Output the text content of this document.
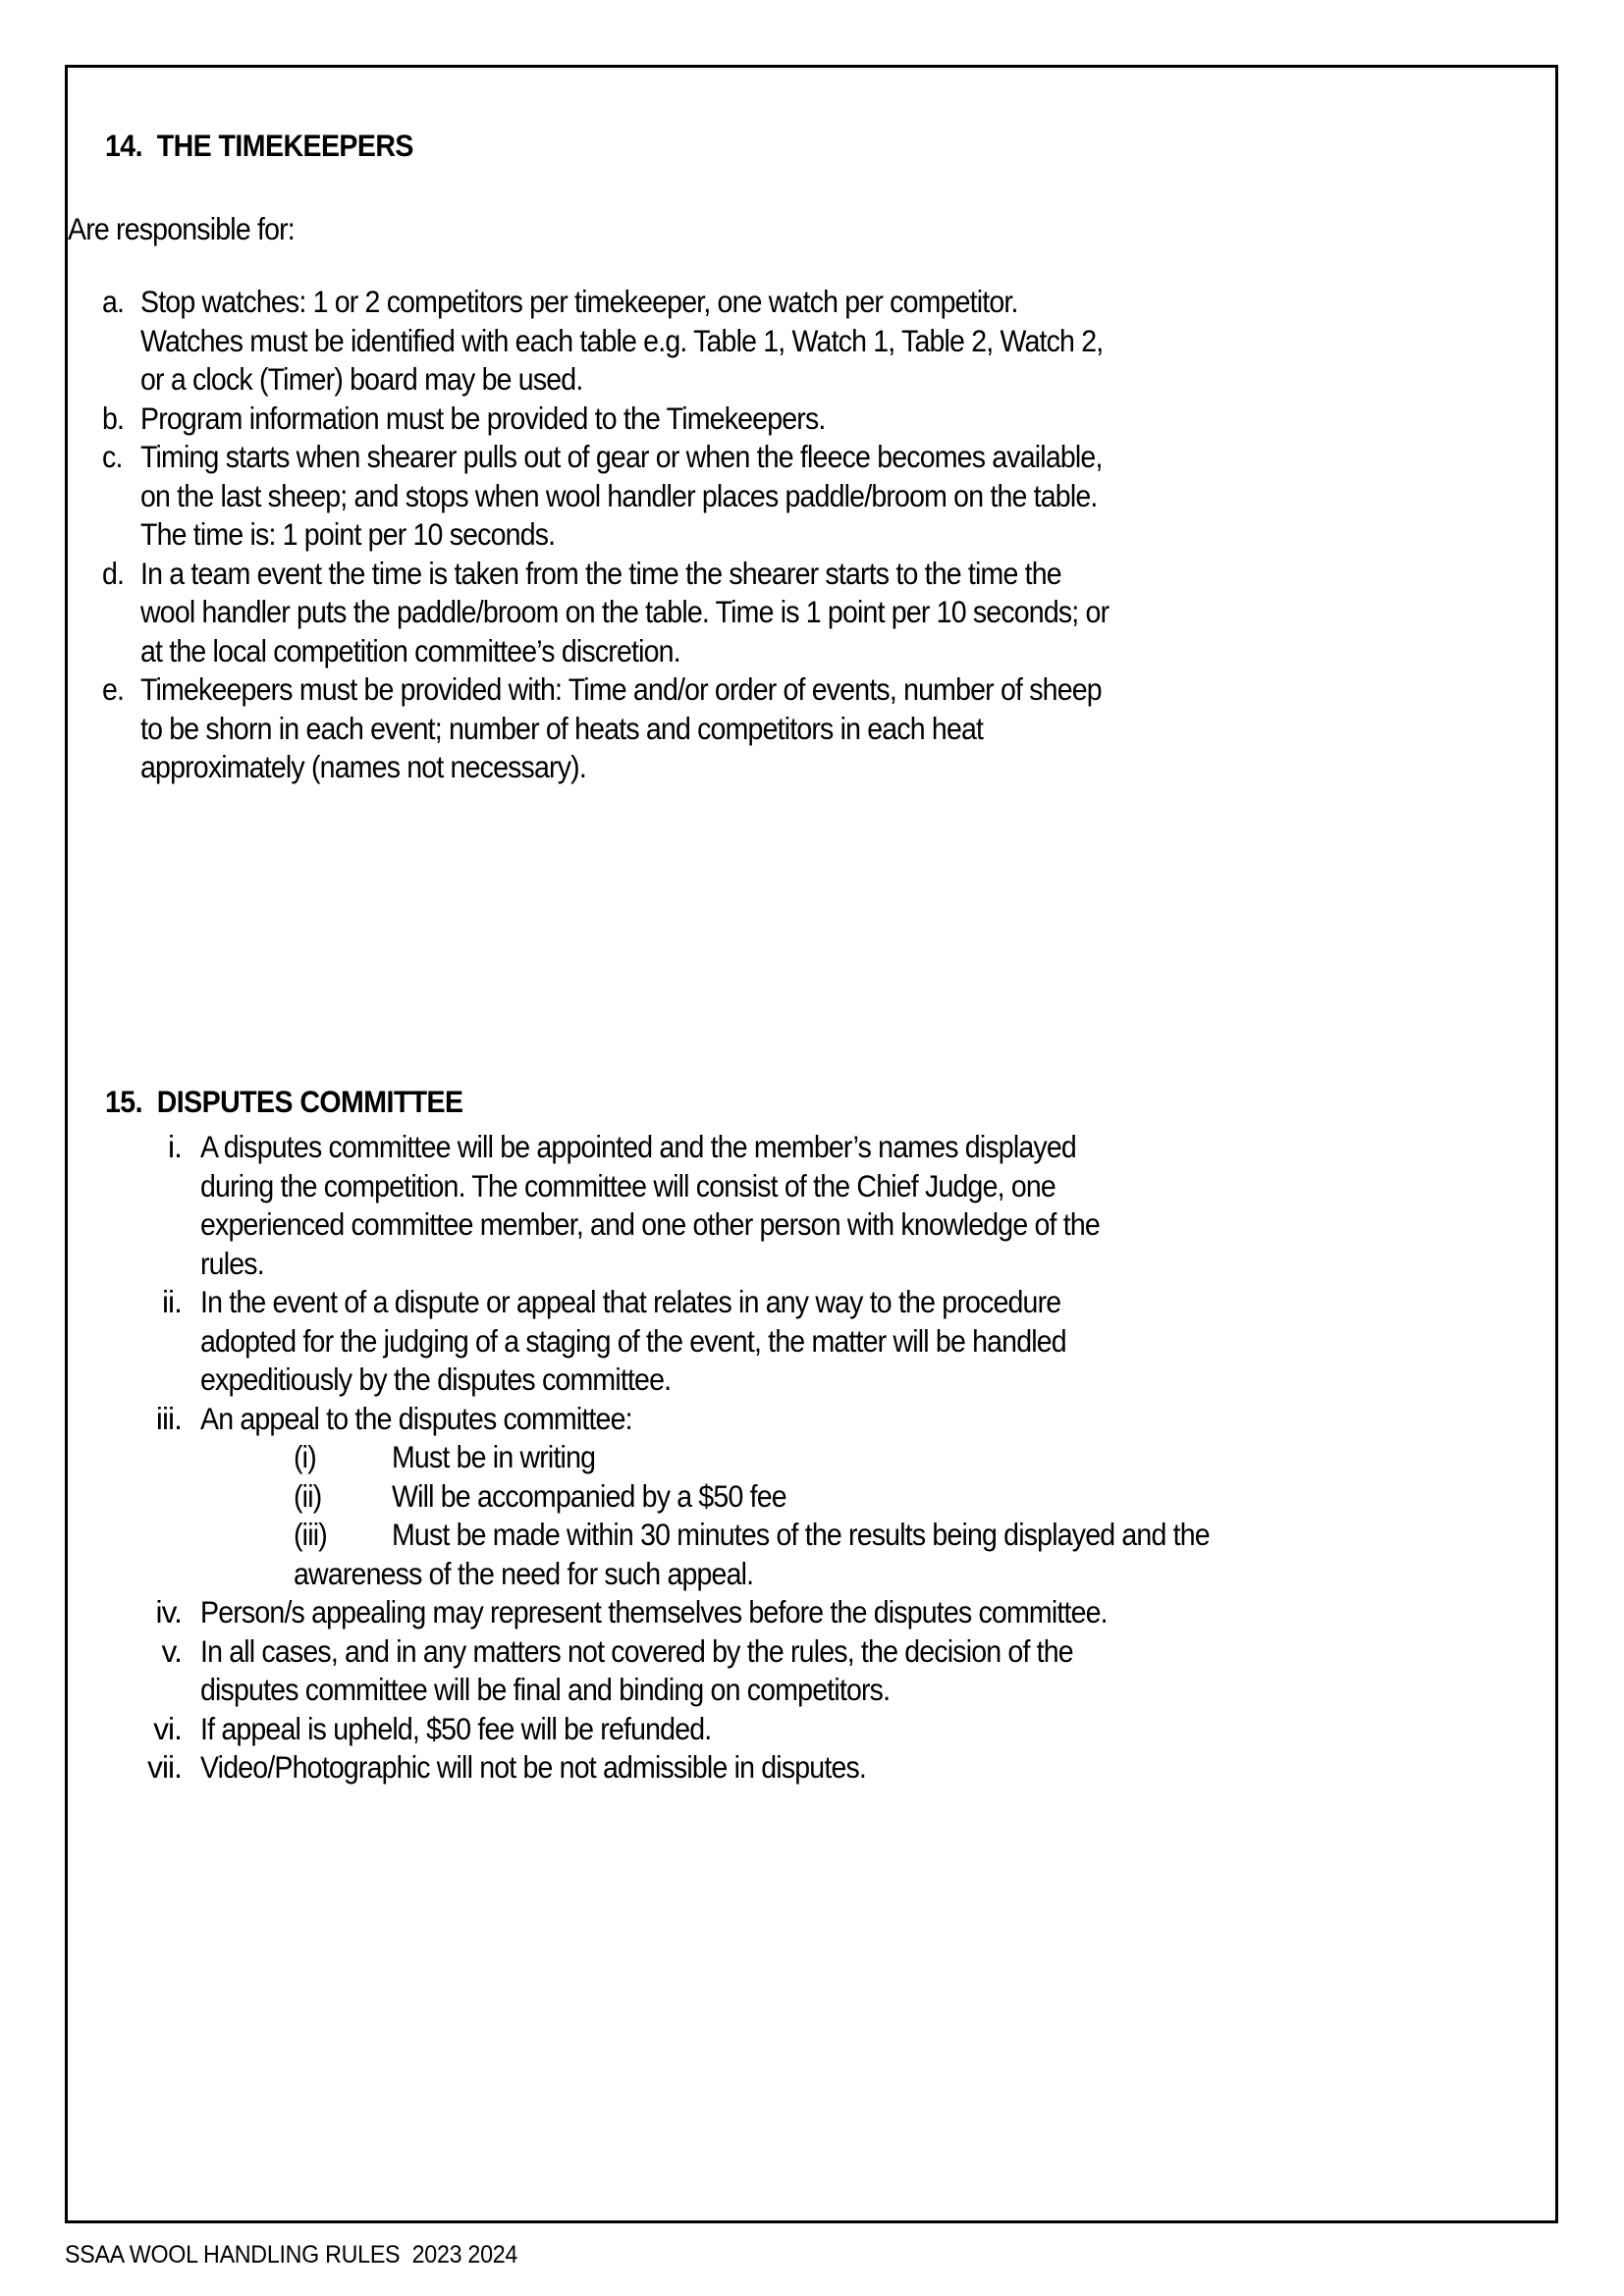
14.  THE TIMEKEEPERS
Are responsible for:
a. Stop watches: 1 or 2 competitors per timekeeper, one watch per competitor.
Watches must be identified with each table e.g. Table 1, Watch 1, Table 2, Watch 2,
or a clock (Timer) board may be used.
b. Program information must be provided to the Timekeepers.
c. Timing starts when shearer pulls out of gear or when the fleece becomes available,
on the last sheep; and stops when wool handler places paddle/broom on the table.
The time is: 1 point per 10 seconds.
d. In a team event the time is taken from the time the shearer starts to the time the
wool handler puts the paddle/broom on the table. Time is 1 point per 10 seconds; or
at the local competition committee’s discretion.
e. Timekeepers must be provided with: Time and/or order of events, number of sheep
to be shorn in each event; number of heats and competitors in each heat
approximately (names not necessary).
15.  DISPUTES COMMITTEE
i. A disputes committee will be appointed and the member’s names displayed
during the competition. The committee will consist of the Chief Judge, one
experienced committee member, and one other person with knowledge of the
rules.
ii. In the event of a dispute or appeal that relates in any way to the procedure
adopted for the judging of a staging of the event, the matter will be handled
expeditiously by the disputes committee.
iii. An appeal to the disputes committee:
(i) Must be in writing
(ii) Will be accompanied by a $50 fee
(iii) Must be made within 30 minutes of the results being displayed and the
awareness of the need for such appeal.
iv. Person/s appealing may represent themselves before the disputes committee.
v. In all cases, and in any matters not covered by the rules, the decision of the
disputes committee will be final and binding on competitors.
vi. If appeal is upheld, $50 fee will be refunded.
vii. Video/Photographic will not be not admissible in disputes.
SSAA WOOL HANDLING RULES  2023 2024
